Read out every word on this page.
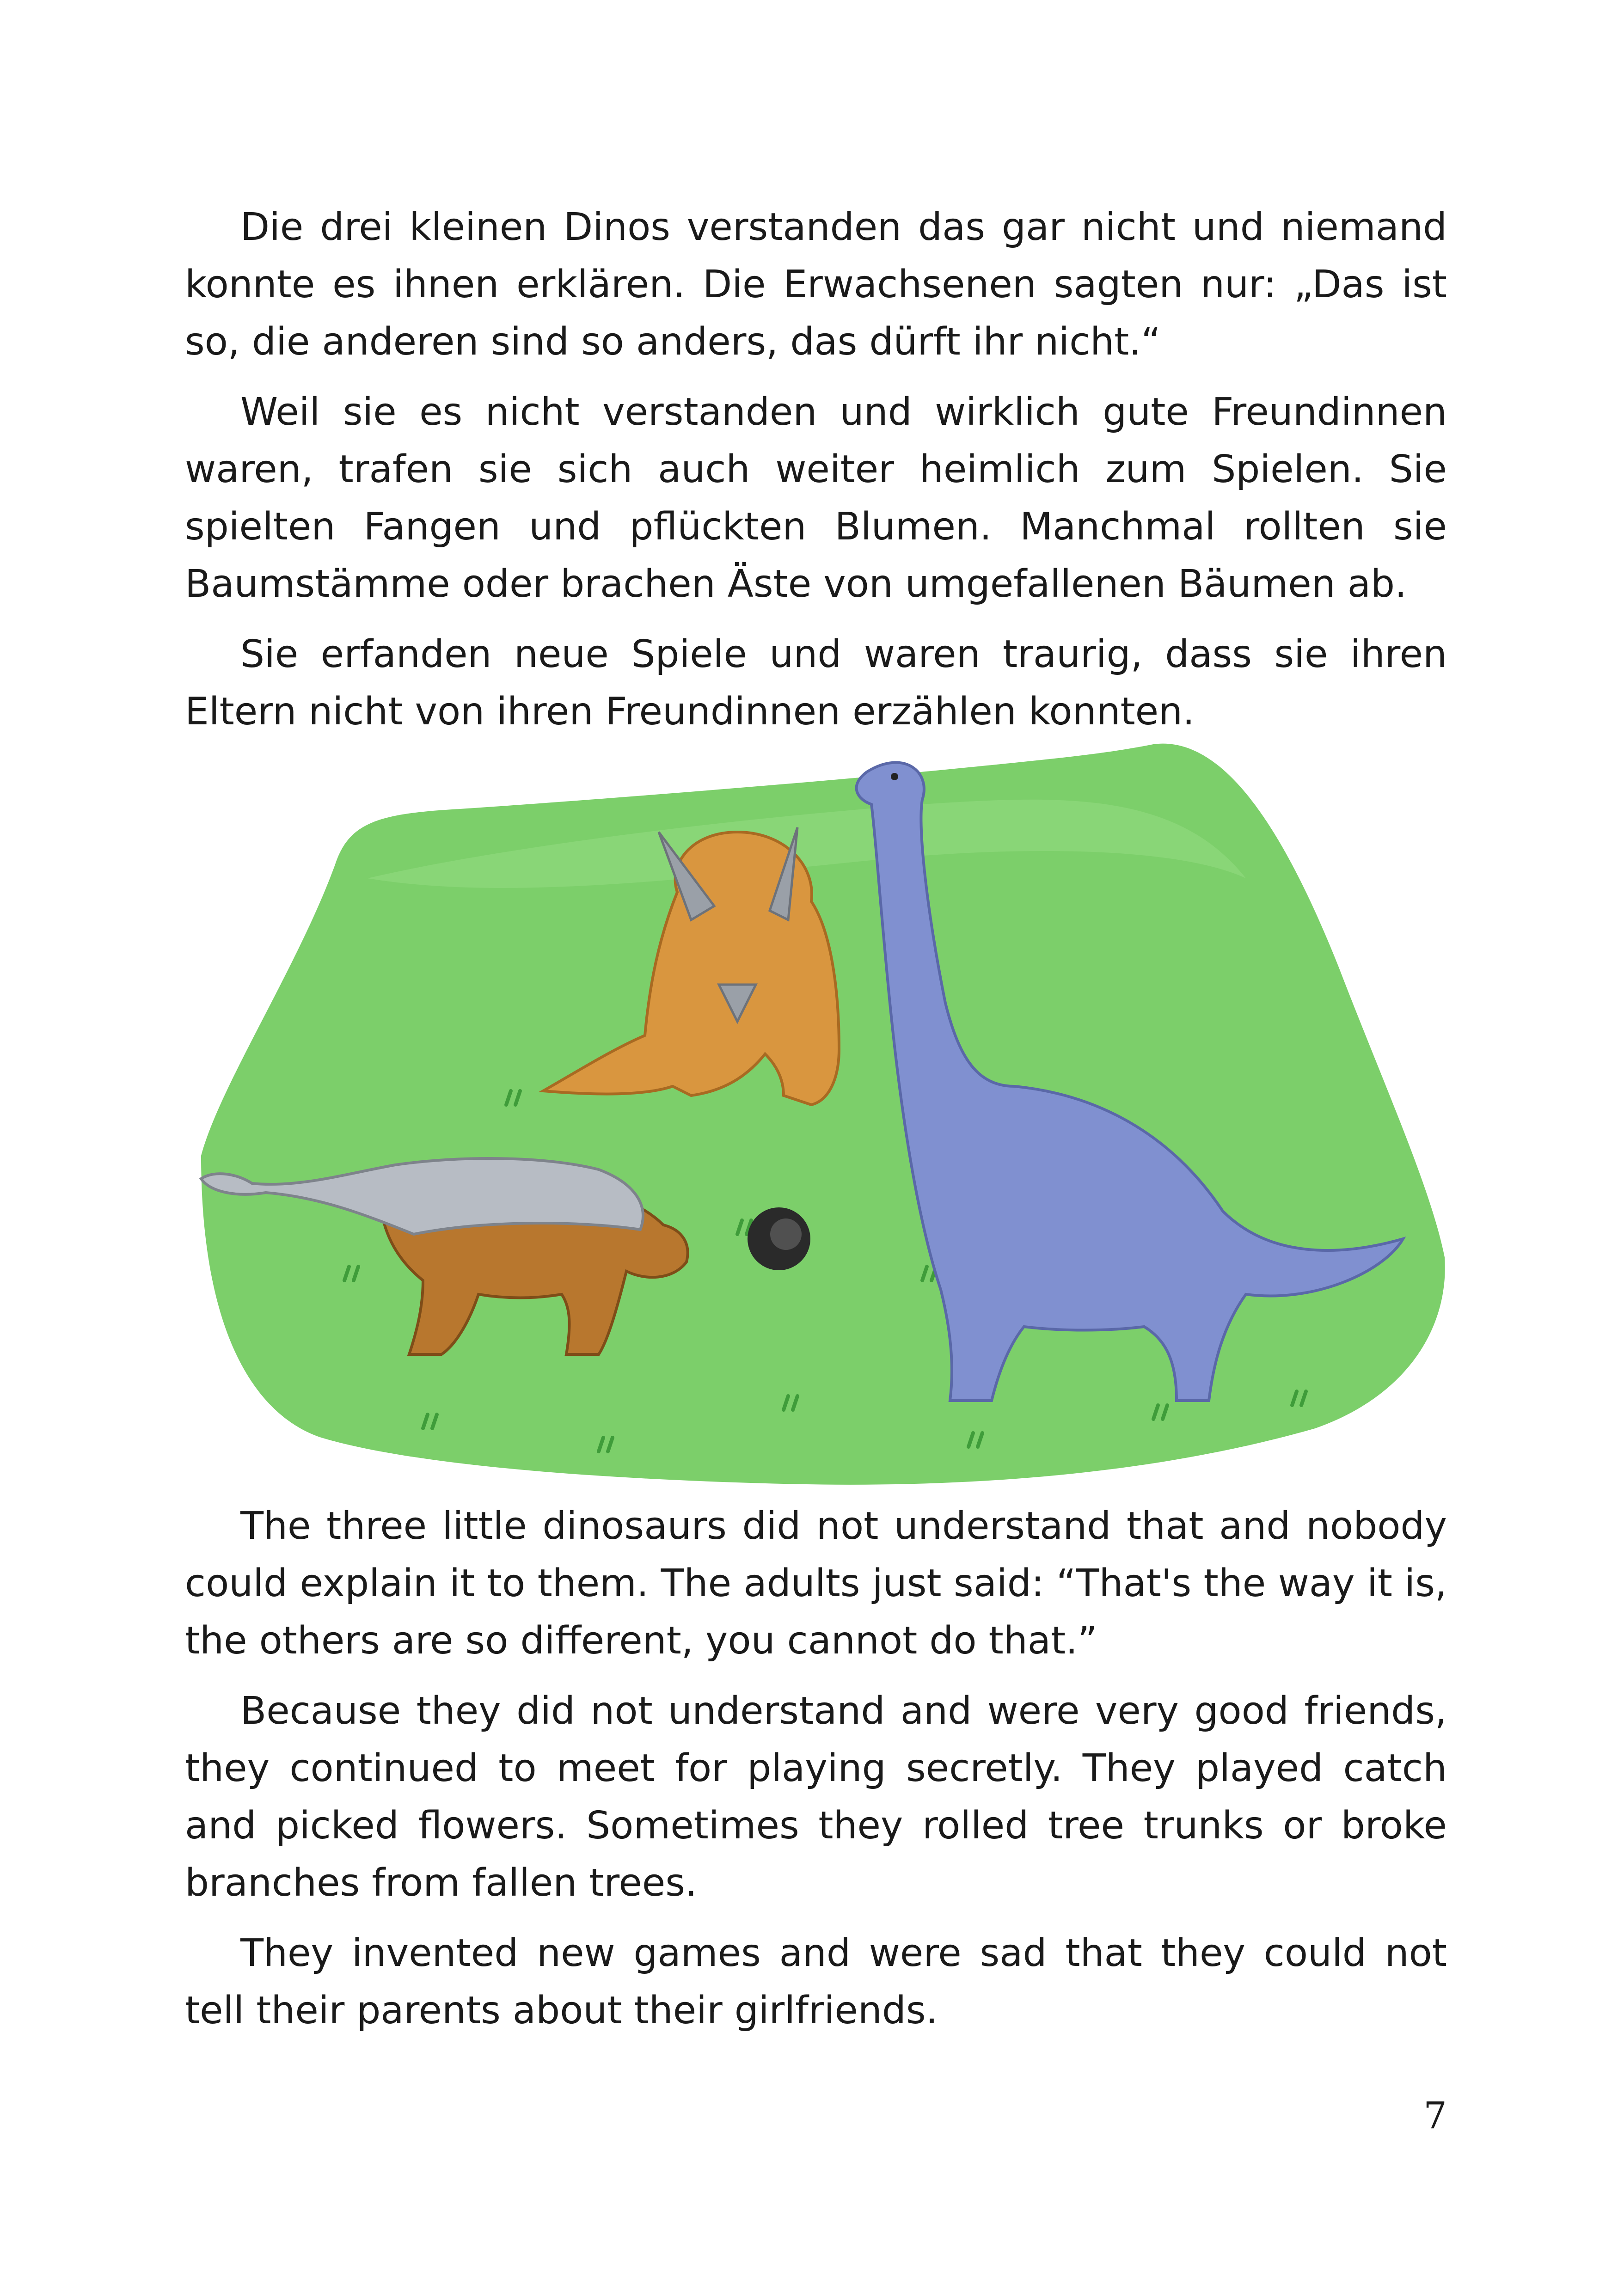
Die drei kleinen Dinos verstanden das gar nicht und niemand konnte es ihnen erklären. Die Erwachsenen sagten nur: „Das ist so, die anderen sind so anders, das dürft ihr nicht.“

Weil sie es nicht verstanden und wirklich gute Freundinnen waren, trafen sie sich auch weiter heimlich zum Spielen. Sie spielten Fangen und pflückten Blumen. Manchmal rollten sie Baumstämme oder brachen Äste von umgefallenen Bäumen ab.

Sie erfanden neue Spiele und waren traurig, dass sie ihren Eltern nicht von ihren Freundinnen erzählen konnten.

The three little dinosaurs did not understand that and nobody could explain it to them. The adults just said: “That's the way it is, the others are so different, you cannot do that.”

Because they did not understand and were very good friends, they continued to meet for playing secretly. They played catch and picked flowers. Sometimes they rolled tree trunks or broke branches from fallen trees.

They invented new games and were sad that they could not tell their parents about their girlfriends.

7
